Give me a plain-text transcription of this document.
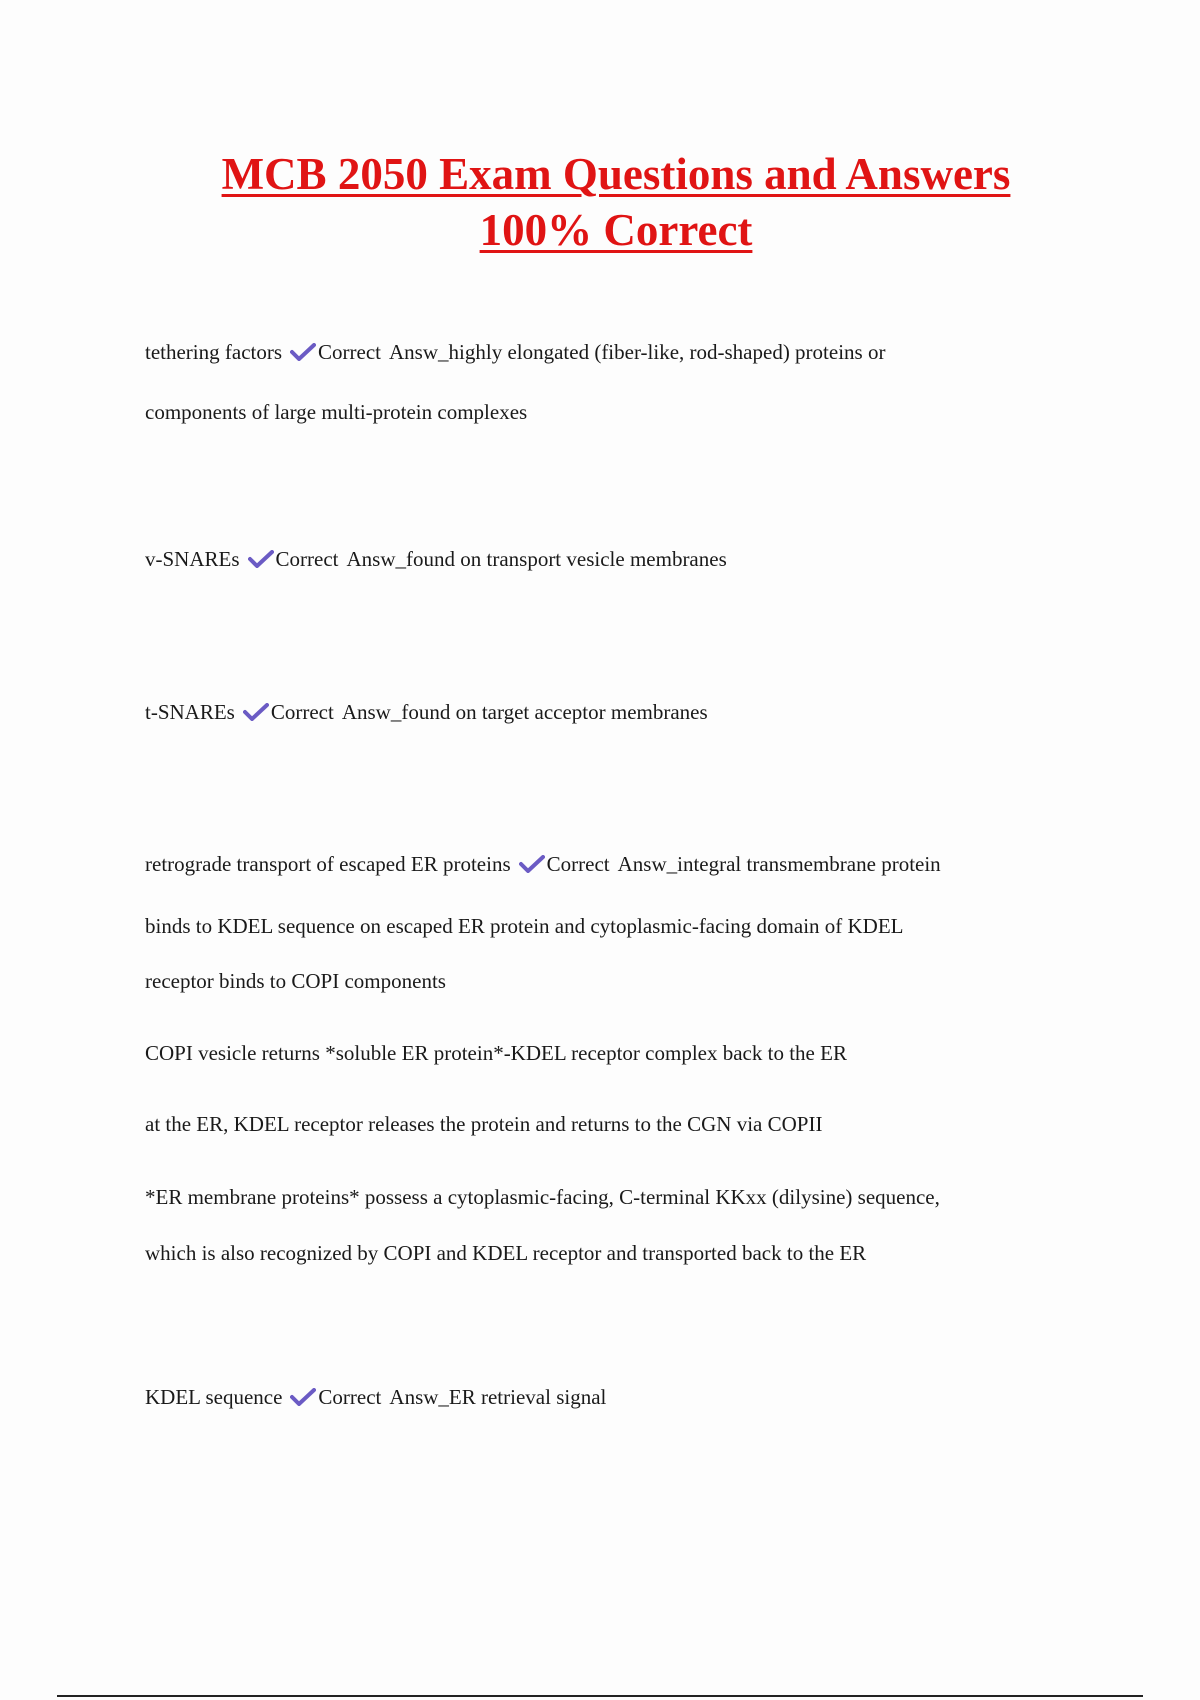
MCB 2050 Exam Questions and Answers
100% Correct
tethering factors Correct Answ_highly elongated (fiber-like, rod-shaped) proteins or
components of large multi-protein complexes
v-SNAREs Correct Answ_found on transport vesicle membranes
t-SNAREs Correct Answ_found on target acceptor membranes
retrograde transport of escaped ER proteins Correct Answ_integral transmembrane protein
binds to KDEL sequence on escaped ER protein and cytoplasmic-facing domain of KDEL
receptor binds to COPI components
COPI vesicle returns *soluble ER protein*-KDEL receptor complex back to the ER
at the ER, KDEL receptor releases the protein and returns to the CGN via COPII
*ER membrane proteins* possess a cytoplasmic-facing, C-terminal KKxx (dilysine) sequence,
which is also recognized by COPI and KDEL receptor and transported back to the ER
KDEL sequence Correct Answ_ER retrieval signal
